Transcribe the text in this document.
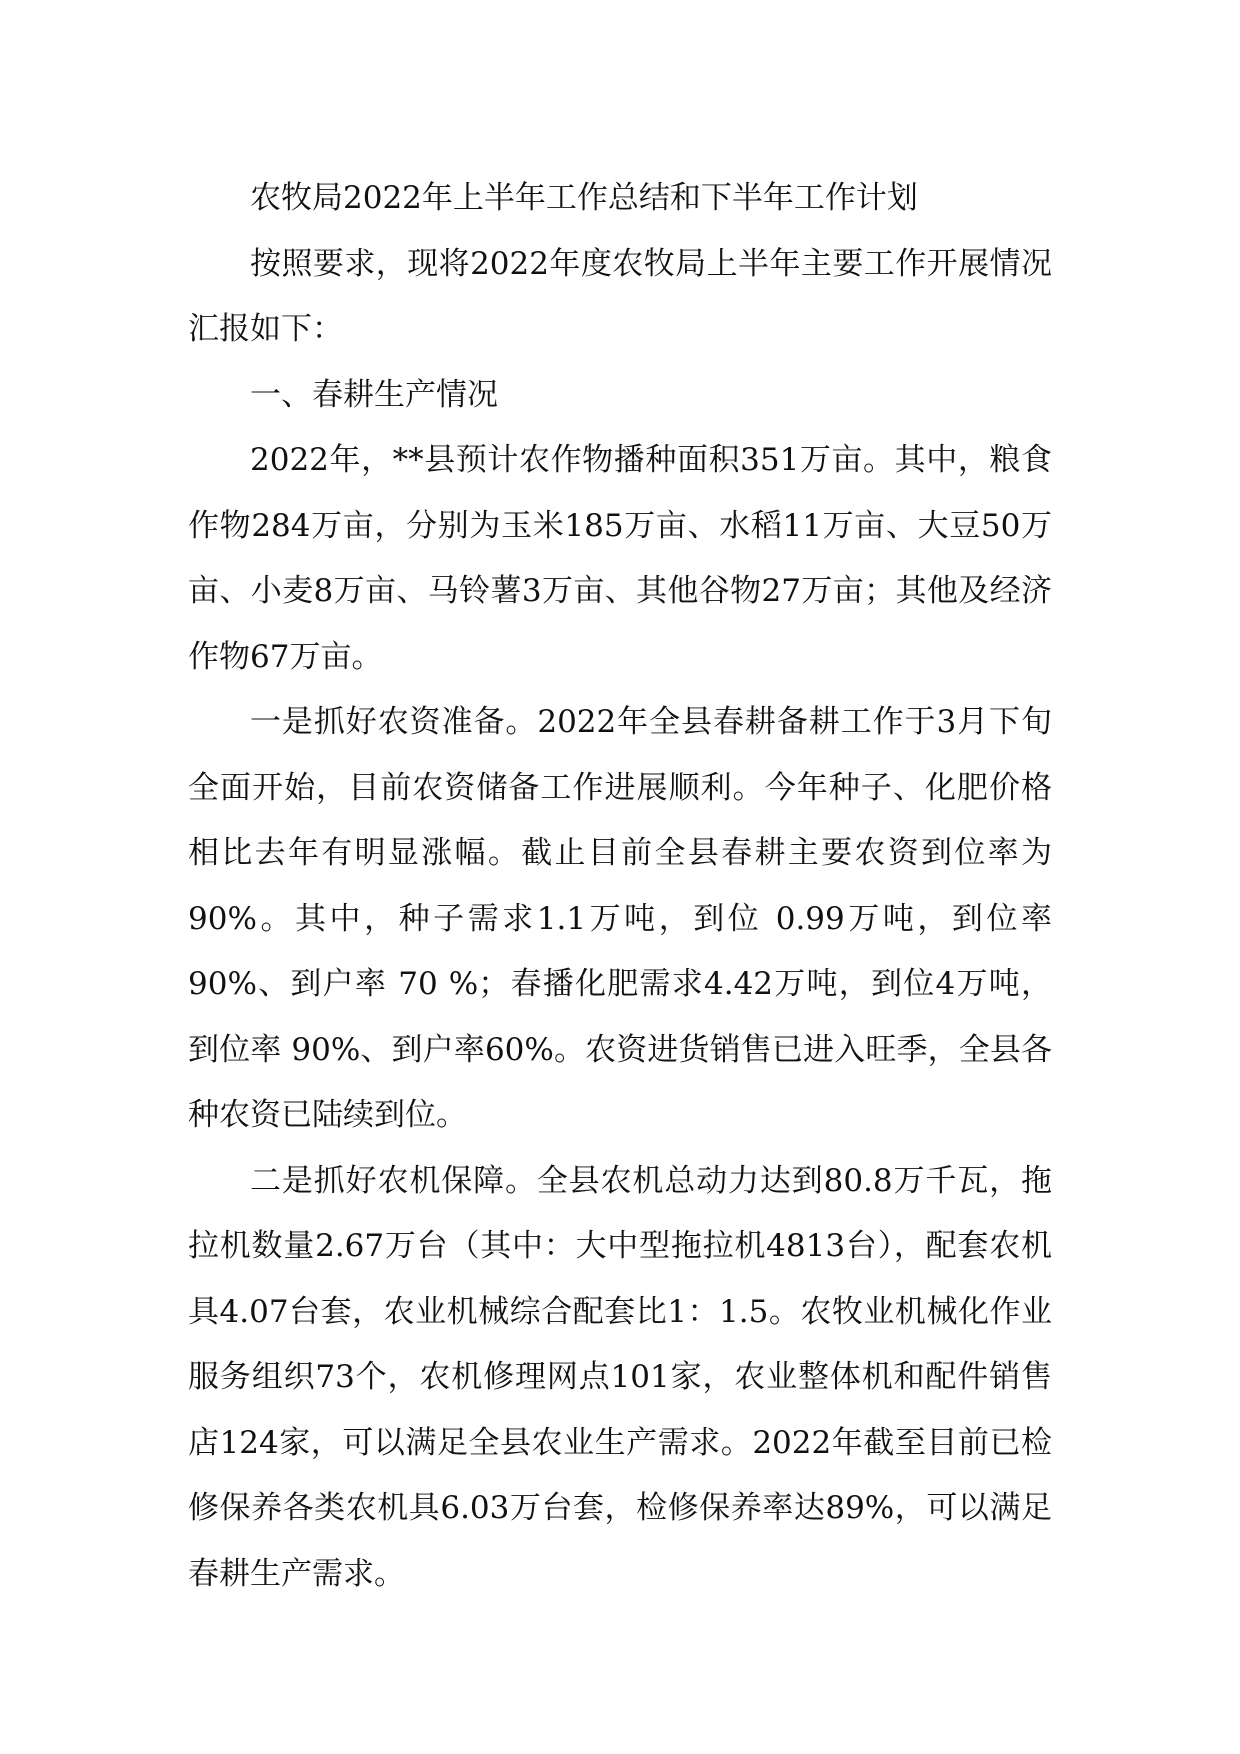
农牧局2022年上半年工作总结和下半年工作计划

按照要求，现将2022年度农牧局上半年主要工作开展情况汇报如下：

一、春耕生产情况

2022年，**县预计农作物播种面积351万亩。其中，粮食作物284万亩，分别为玉米185万亩、水稻11万亩、大豆50万亩、小麦8万亩、马铃薯3万亩、其他谷物27万亩；其他及经济作物67万亩。

一是抓好农资准备。2022年全县春耕备耕工作于3月下旬全面开始，目前农资储备工作进展顺利。今年种子、化肥价格相比去年有明显涨幅。截止目前全县春耕主要农资到位率为90%。其中，种子需求1.1万吨，到位 0.99万吨，到位率90%、到户率 70 %；春播化肥需求4.42万吨，到位4万吨，到位率 90%、到户率60%。农资进货销售已进入旺季，全县各种农资已陆续到位。

二是抓好农机保障。全县农机总动力达到80.8万千瓦，拖拉机数量2.67万台（其中：大中型拖拉机4813台），配套农机具4.07台套，农业机械综合配套比1：1.5。农牧业机械化作业服务组织73个，农机修理网点101家，农业整体机和配件销售店124家，可以满足全县农业生产需求。2022年截至目前已检修保养各类农机具6.03万台套，检修保养率达89%，可以满足春耕生产需求。
